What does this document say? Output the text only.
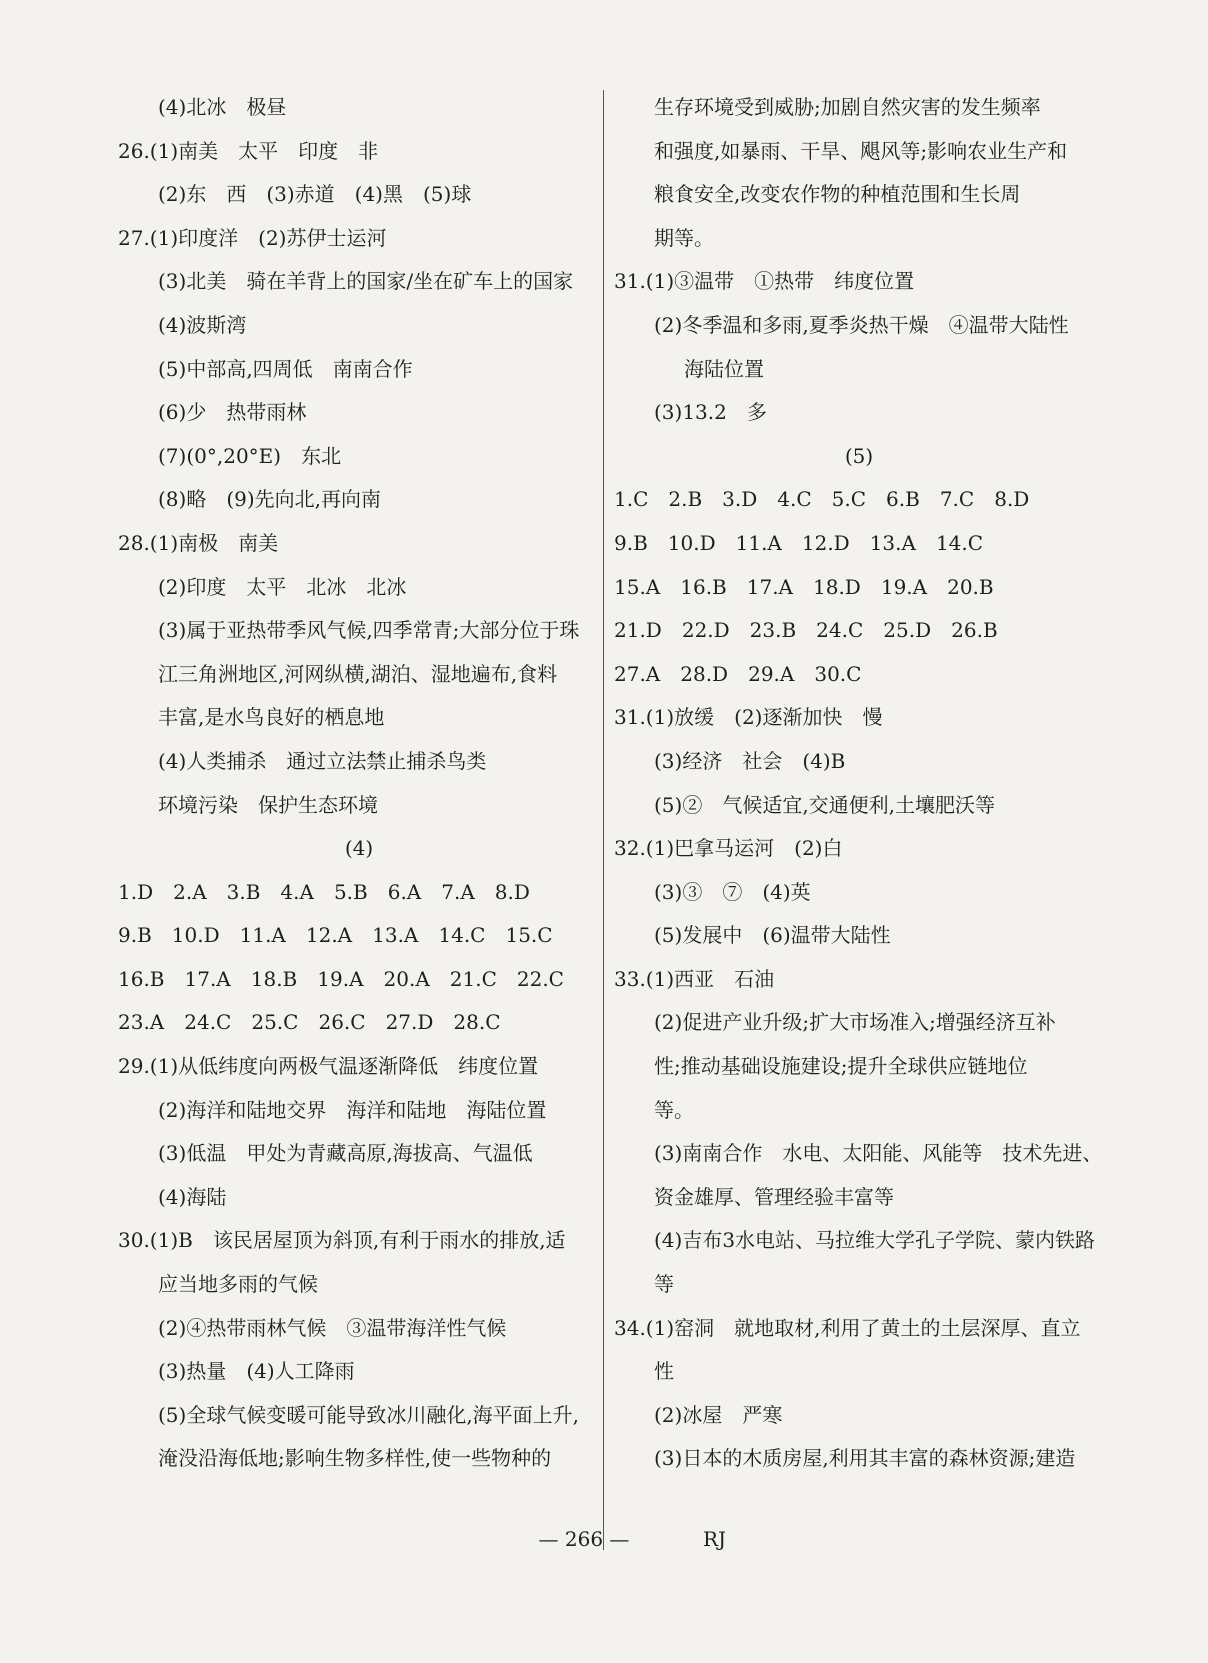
(4)北冰　极昼
26.(1)南美　太平　印度　非
(2)东　西　(3)赤道　(4)黑　(5)球
27.(1)印度洋　(2)苏伊士运河
(3)北美　骑在羊背上的国家/坐在矿车上的国家
(4)波斯湾
(5)中部高,四周低　南南合作
(6)少　热带雨林
(7)(0°,20°E)　东北
(8)略　(9)先向北,再向南
28.(1)南极　南美
(2)印度　太平　北冰　北冰
(3)属于亚热带季风气候,四季常青;大部分位于珠
江三角洲地区,河网纵横,湖泊、湿地遍布,食料
丰富,是水鸟良好的栖息地
(4)人类捕杀　通过立法禁止捕杀鸟类
环境污染　保护生态环境
(4)
1.D　2.A　3.B　4.A　5.B　6.A　7.A　8.D
9.B　10.D　11.A　12.A　13.A　14.C　15.C
16.B　17.A　18.B　19.A　20.A　21.C　22.C
23.A　24.C　25.C　26.C　27.D　28.C
29.(1)从低纬度向两极气温逐渐降低　纬度位置
(2)海洋和陆地交界　海洋和陆地　海陆位置
(3)低温　甲处为青藏高原,海拔高、气温低
(4)海陆
30.(1)B　该民居屋顶为斜顶,有利于雨水的排放,适
应当地多雨的气候
(2)④热带雨林气候　③温带海洋性气候
(3)热量　(4)人工降雨
(5)全球气候变暖可能导致冰川融化,海平面上升,
淹没沿海低地;影响生物多样性,使一些物种的
生存环境受到威胁;加剧自然灾害的发生频率
和强度,如暴雨、干旱、飓风等;影响农业生产和
粮食安全,改变农作物的种植范围和生长周
期等。
31.(1)③温带　①热带　纬度位置
(2)冬季温和多雨,夏季炎热干燥　④温带大陆性
海陆位置
(3)13.2　多
(5)
1.C　2.B　3.D　4.C　5.C　6.B　7.C　8.D
9.B　10.D　11.A　12.D　13.A　14.C
15.A　16.B　17.A　18.D　19.A　20.B
21.D　22.D　23.B　24.C　25.D　26.B
27.A　28.D　29.A　30.C
31.(1)放缓　(2)逐渐加快　慢
(3)经济　社会　(4)B
(5)②　气候适宜,交通便利,土壤肥沃等
32.(1)巴拿马运河　(2)白
(3)③　⑦　(4)英
(5)发展中　(6)温带大陆性
33.(1)西亚　石油
(2)促进产业升级;扩大市场准入;增强经济互补
性;推动基础设施建设;提升全球供应链地位
等。
(3)南南合作　水电、太阳能、风能等　技术先进、
资金雄厚、管理经验丰富等
(4)吉布3水电站、马拉维大学孔子学院、蒙内铁路
等
34.(1)窑洞　就地取材,利用了黄土的土层深厚、直立
性
(2)冰屋　严寒
(3)日本的木质房屋,利用其丰富的森林资源;建造
— 266 —	RJ
